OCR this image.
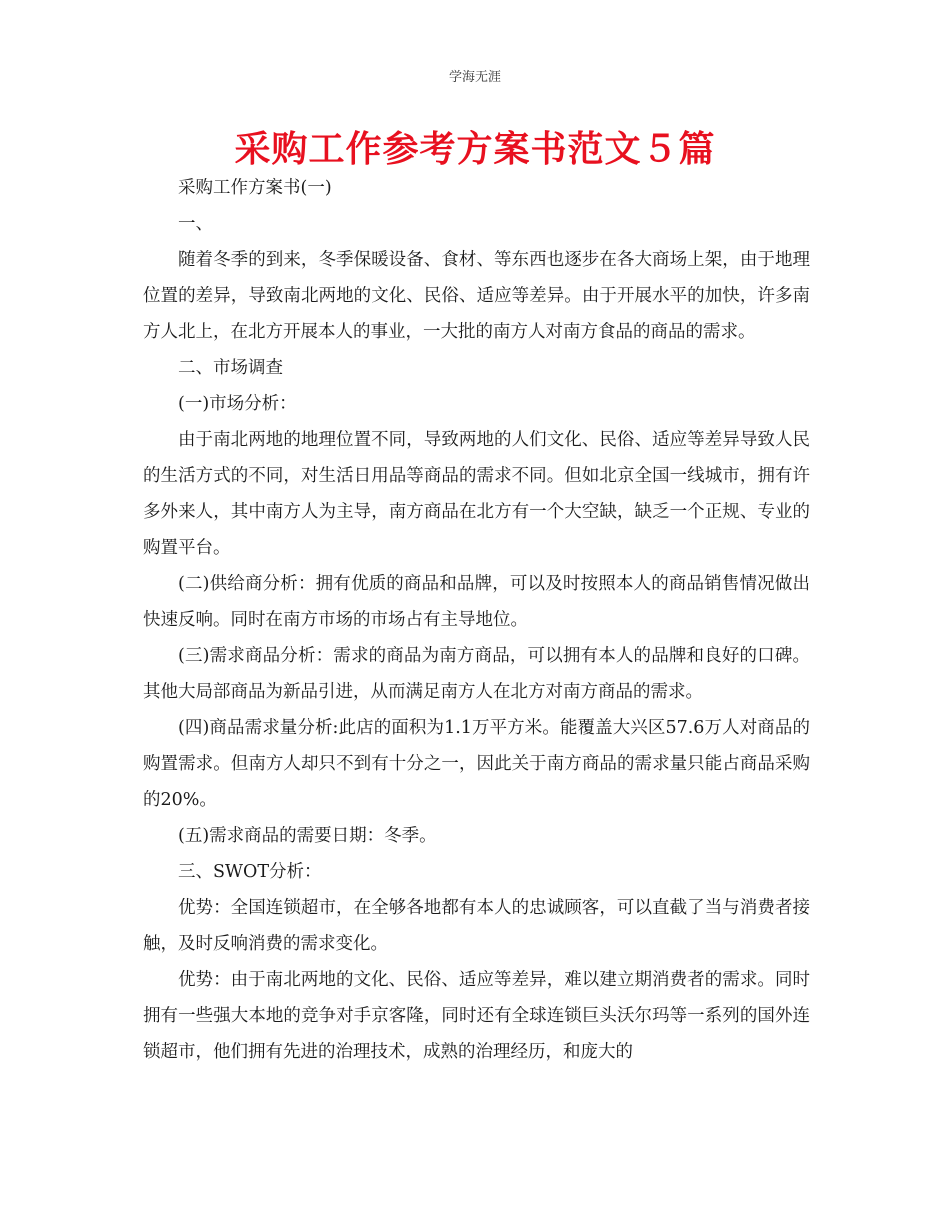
学海无涯
采购工作参考方案书范文５篇

采购工作方案书(一)

一、

随着冬季的到来，冬季保暖设备、食材、等东西也逐步在各大商场上架，由于地理位置的差异，导致南北两地的文化、民俗、适应等差异。由于开展水平的加快，许多南方人北上，在北方开展本人的事业，一大批的南方人对南方食品的商品的需求。

二、市场调查

(一)市场分析：

由于南北两地的地理位置不同，导致两地的人们文化、民俗、适应等差异导致人民的生活方式的不同，对生活日用品等商品的需求不同。但如北京全国一线城市，拥有许多外来人，其中南方人为主导，南方商品在北方有一个大空缺，缺乏一个正规、专业的购置平台。

(二)供给商分析：拥有优质的商品和品牌，可以及时按照本人的商品销售情况做出快速反响。同时在南方市场的市场占有主导地位。

(三)需求商品分析：需求的商品为南方商品，可以拥有本人的品牌和良好的口碑。其他大局部商品为新品引进，从而满足南方人在北方对南方商品的需求。

(四)商品需求量分析:此店的面积为1.1万平方米。能覆盖大兴区57.6万人对商品的购置需求。但南方人却只不到有十分之一，因此关于南方商品的需求量只能占商品采购的20%。

(五)需求商品的需要日期：冬季。

三、SWOT分析：

优势：全国连锁超市，在全够各地都有本人的忠诚顾客，可以直截了当与消费者接触，及时反响消费的需求变化。

优势：由于南北两地的文化、民俗、适应等差异，难以建立期消费者的需求。同时拥有一些强大本地的竞争对手京客隆，同时还有全球连锁巨头沃尔玛等一系列的国外连锁超市，他们拥有先进的治理技术，成熟的治理经历，和庞大的
